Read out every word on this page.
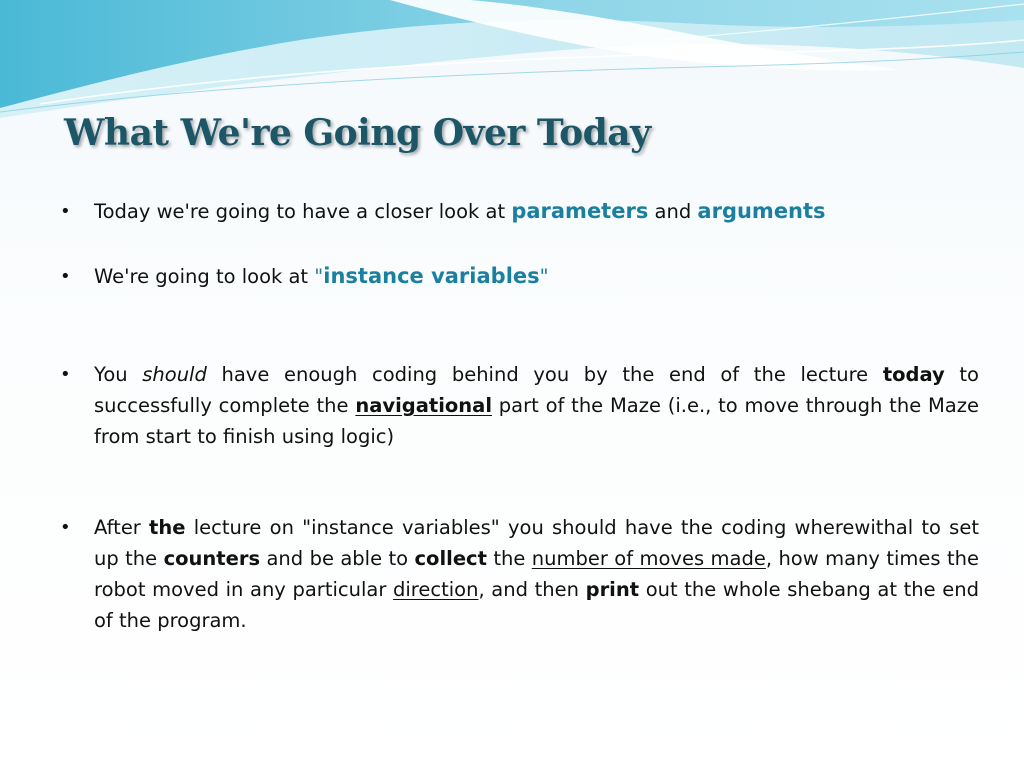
What We're Going Over Today
• Today we're going to have a closer look at parameters and arguments
• We're going to look at "instance variables"
• You should have enough coding behind you by the end of the lecture today to successfully complete the navigational part of the Maze (i.e., to move through the Maze from start to finish using logic)
• After the lecture on "instance variables" you should have the coding wherewithal to set up the counters and be able to collect the number of moves made, how many times the robot moved in any particular direction, and then print out the whole shebang at the end of the program.
